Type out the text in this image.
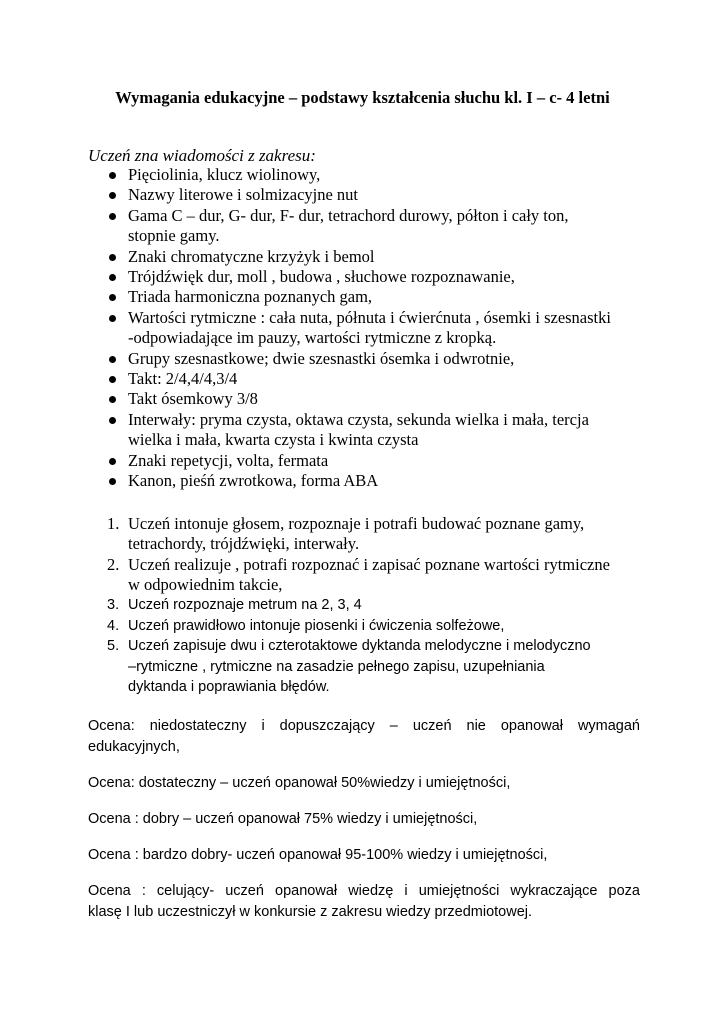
Wymagania edukacyjne – podstawy kształcenia słuchu kl. I – c- 4 letni
Uczeń zna wiadomości z zakresu:
Pięciolinia, klucz wiolinowy,
Nazwy literowe i solmizacyjne nut
Gama C – dur, G- dur, F- dur, tetrachord durowy, półton i cały ton,
stopnie gamy.
Znaki chromatyczne krzyżyk i bemol
Trójdźwięk dur, moll , budowa , słuchowe rozpoznawanie,
Triada harmoniczna poznanych gam,
Wartości rytmiczne : cała nuta, półnuta i ćwierćnuta , ósemki i szesnastki
-odpowiadające im pauzy, wartości rytmiczne z kropką.
Grupy szesnastkowe; dwie szesnastki ósemka i odwrotnie,
Takt: 2/4,4/4,3/4
Takt ósemkowy 3/8
Interwały: pryma czysta, oktawa czysta, sekunda wielka i mała, tercja
wielka i mała, kwarta czysta i kwinta czysta
Znaki repetycji, volta, fermata
Kanon, pieśń zwrotkowa, forma ABA
1. Uczeń intonuje głosem, rozpoznaje i potrafi budować poznane gamy,
tetrachordy, trójdźwięki, interwały.
2. Uczeń realizuje , potrafi rozpoznać i zapisać poznane wartości rytmiczne
w odpowiednim takcie,
3. Uczeń rozpoznaje metrum na 2, 3, 4
4. Uczeń prawidłowo intonuje piosenki i ćwiczenia solfeżowe,
5. Uczeń zapisuje dwu i czterotaktowe dyktanda melodyczne i melodyczno
–rytmiczne , rytmiczne na zasadzie pełnego zapisu, uzupełniania
dyktanda i poprawiania błędów.

Ocena: niedostateczny i dopuszczający – uczeń nie opanował wymagań
edukacyjnych,

Ocena: dostateczny – uczeń opanował 50%wiedzy i umiejętności,

Ocena : dobry – uczeń opanował 75% wiedzy i umiejętności,

Ocena : bardzo dobry- uczeń opanował 95-100% wiedzy i umiejętności,

Ocena : celujący- uczeń opanował wiedzę i umiejętności wykraczające poza
klasę I lub uczestniczył w konkursie z zakresu wiedzy przedmiotowej.
